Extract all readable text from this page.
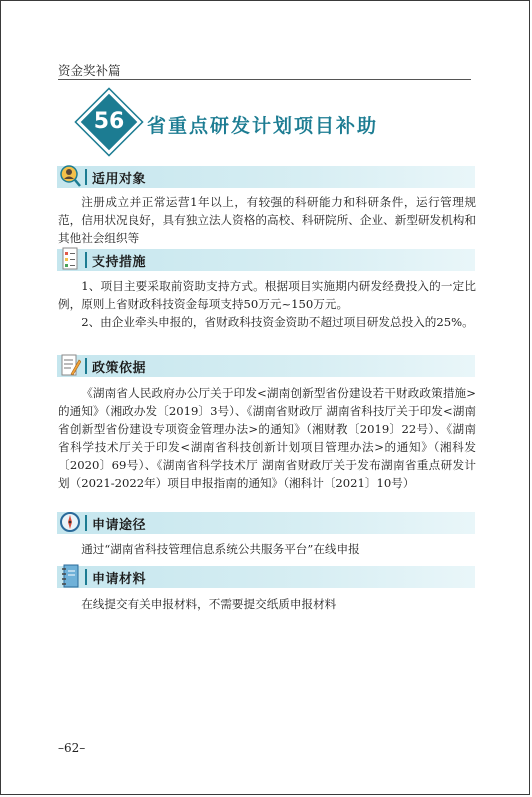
资金奖补篇
56	省重点研发计划项目补助
适用对象

注册成立并正常运营1年以上，有较强的科研能力和科研条件，运行管理规范，信用状况良好，具有独立法人资格的高校、科研院所、企业、新型研发机构和其他社会组织等

支持措施

1、项目主要采取前资助支持方式。根据项目实施期内研发经费投入的一定比例，原则上省财政科技资金每项支持50万元~150万元。

2、由企业牵头申报的，省财政科技资金资助不超过项目研发总投入的25%。

政策依据

《湖南省人民政府办公厅关于印发<湖南创新型省份建设若干财政政策措施>的通知》（湘政办发〔2019〕3号）、《湖南省财政厅 湖南省科技厅关于印发<湖南省创新型省份建设专项资金管理办法>的通知》（湘财教〔2019〕22号）、《湖南省科学技术厅关于印发<湖南省科技创新计划项目管理办法>的通知》（湘科发〔2020〕69号）、《湖南省科学技术厅 湖南省财政厅关于发布湖南省重点研发计划（2021-2022年）项目申报指南的通知》（湘科计〔2021〕10号）

申请途径

通过“湖南省科技管理信息系统公共服务平台”在线申报

申请材料

在线提交有关申报材料，不需要提交纸质申报材料

–62–
